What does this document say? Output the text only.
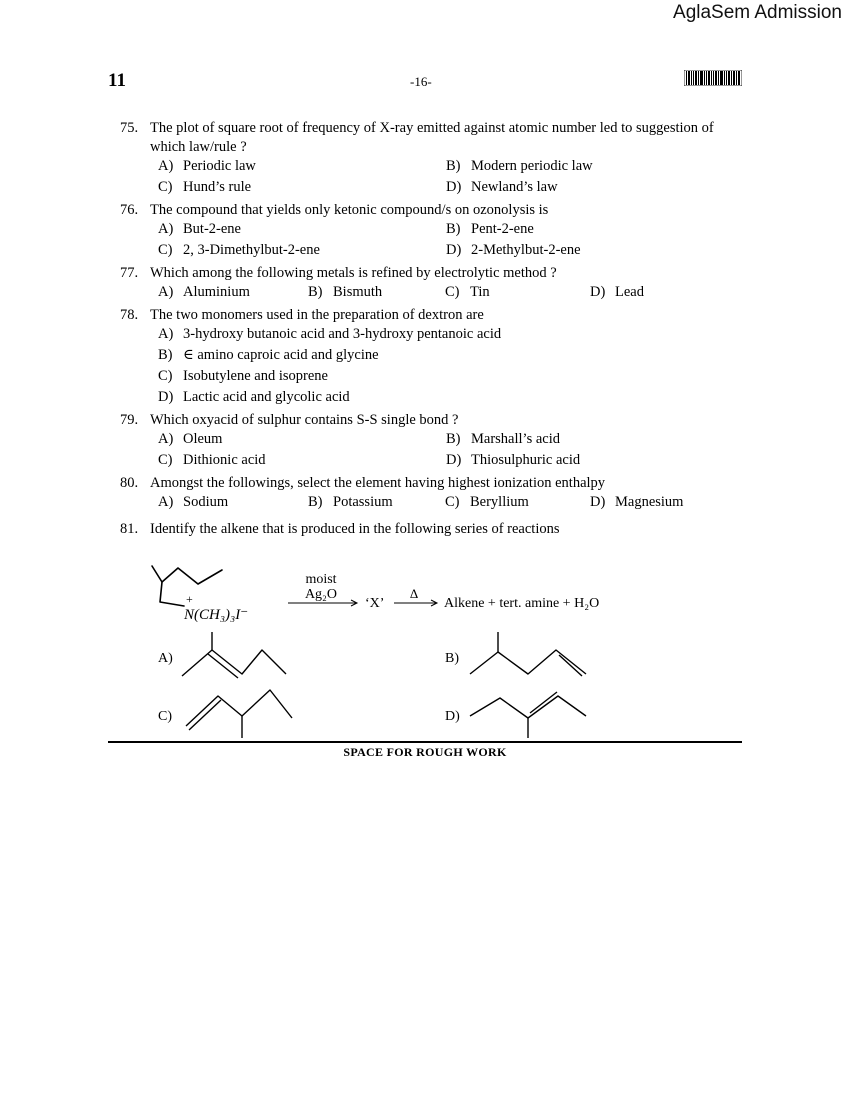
AglaSem Admission
11	-16-
75. The plot of square root of frequency of X-ray emitted against atomic number led to suggestion of which law/rule ?
A) Periodic law	B) Modern periodic law
C) Hund’s rule	D) Newland’s law
76. The compound that yields only ketonic compound/s on ozonolysis is
A) But-2-ene	B) Pent-2-ene
C) 2, 3-Dimethylbut-2-ene	D) 2-Methylbut-2-ene
77. Which among the following metals is refined by electrolytic method ?
A) Aluminium	B) Bismuth	C) Tin	D) Lead
78. The two monomers used in the preparation of dextron are
A) 3-hydroxy butanoic acid and 3-hydroxy pentanoic acid
B) ∈ amino caproic acid and glycine
C) Isobutylene and isoprene
D) Lactic acid and glycolic acid
79. Which oxyacid of sulphur contains S-S single bond ?
A) Oleum	B) Marshall’s acid
C) Dithionic acid	D) Thiosulphuric acid
80. Amongst the followings, select the element having highest ionization enthalpy
A) Sodium	B) Potassium	C) Beryllium	D) Magnesium
81. Identify the alkene that is produced in the following series of reactions
+
N(CH₃)₃I⁻
moist
Ag₂O
‘X’
Δ
Alkene + tert. amine + H₂O
A)	B)
C)	D)
SPACE FOR ROUGH WORK
